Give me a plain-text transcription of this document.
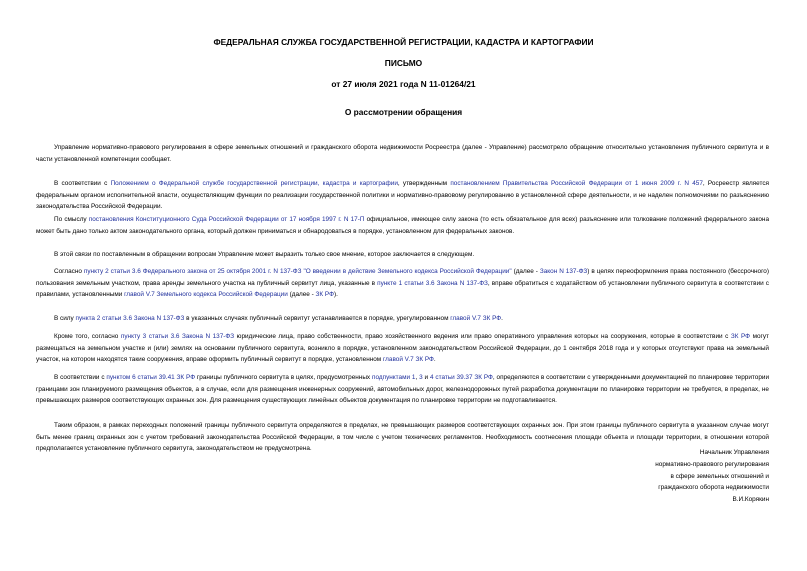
ФЕДЕРАЛЬНАЯ СЛУЖБА ГОСУДАРСТВЕННОЙ РЕГИСТРАЦИИ, КАДАСТРА И КАРТОГРАФИИ
ПИСЬМО
от 27 июля 2021 года N 11-01264/21
О рассмотрении обращения

Управление нормативно-правового регулирования в сфере земельных отношений и гражданского оборота недвижимости Росреестра (далее - Управление) рассмотрело обращение относительно установления публичного сервитута и в части установленной компетенции сообщает.

В соответствии с Положением о Федеральной службе государственной регистрации, кадастра и картографии, утвержденным постановлением Правительства Российской Федерации от 1 июня 2009 г. N 457, Росреестр является федеральным органом исполнительной власти, осуществляющим функции по реализации государственной политики и нормативно-правовому регулированию в установленной сфере деятельности, и не наделен полномочиями по разъяснению законодательства Российской Федерации.

По смыслу постановления Конституционного Суда Российской Федерации от 17 ноября 1997 г. N 17-П официальное, имеющее силу закона (то есть обязательное для всех) разъяснение или толкование положений федерального закона может быть дано только актом законодательного органа, который должен приниматься и обнародоваться в порядке, установленном для федеральных законов.

В этой связи по поставленным в обращении вопросам Управление может выразить только свое мнение, которое заключается в следующем.

Согласно пункту 2 статьи 3.6 Федерального закона от 25 октября 2001 г. N 137-ФЗ "О введении в действие Земельного кодекса Российской Федерации" (далее - Закон N 137-ФЗ) в целях переоформления права постоянного (бессрочного) пользования земельным участком, права аренды земельного участка на публичный сервитут лица, указанные в пункте 1 статьи 3.6 Закона N 137-ФЗ, вправе обратиться с ходатайством об установлении публичного сервитута в соответствии с правилами, установленными главой V.7 Земельного кодекса Российской Федерации (далее - ЗК РФ).

В силу пункта 2 статьи 3.6 Закона N 137-ФЗ в указанных случаях публичный сервитут устанавливается в порядке, урегулированном главой V.7 ЗК РФ.

Кроме того, согласно пункту 3 статьи 3.6 Закона N 137-ФЗ юридические лица, право собственности, право хозяйственного ведения или право оперативного управления которых на сооружения, которые в соответствии с ЗК РФ могут размещаться на земельном участке и (или) землях на основании публичного сервитута, возникло в порядке, установленном законодательством Российской Федерации, до 1 сентября 2018 года и у которых отсутствуют права на земельный участок, на котором находятся такие сооружения, вправе оформить публичный сервитут в порядке, установленном главой V.7 ЗК РФ.

В соответствии с пунктом 6 статьи 39.41 ЗК РФ границы публичного сервитута в целях, предусмотренных подпунктами 1, 3 и 4 статьи 39.37 ЗК РФ, определяются в соответствии с утвержденными документацией по планировке территории границами зон планируемого размещения объектов, а в случае, если для размещения инженерных сооружений, автомобильных дорог, железнодорожных путей разработка документации по планировке территории не требуется, в пределах, не превышающих размеров соответствующих охранных зон. Для размещения существующих линейных объектов документация по планировке территории не подготавливается.

Таким образом, в рамках переходных положений границы публичного сервитута определяются в пределах, не превышающих размеров соответствующих охранных зон. При этом границы публичного сервитута в указанном случае могут быть менее границ охранных зон с учетом требований законодательства Российской Федерации, в том числе с учетом технических регламентов. Необходимость соотнесения площади объекта и площади территории, в отношении которой предполагается установление публичного сервитута, законодательством не предусмотрена.

Начальник Управления
нормативно-правового регулирования
в сфере земельных отношений и
гражданского оборота недвижимости
В.И.Корякин
